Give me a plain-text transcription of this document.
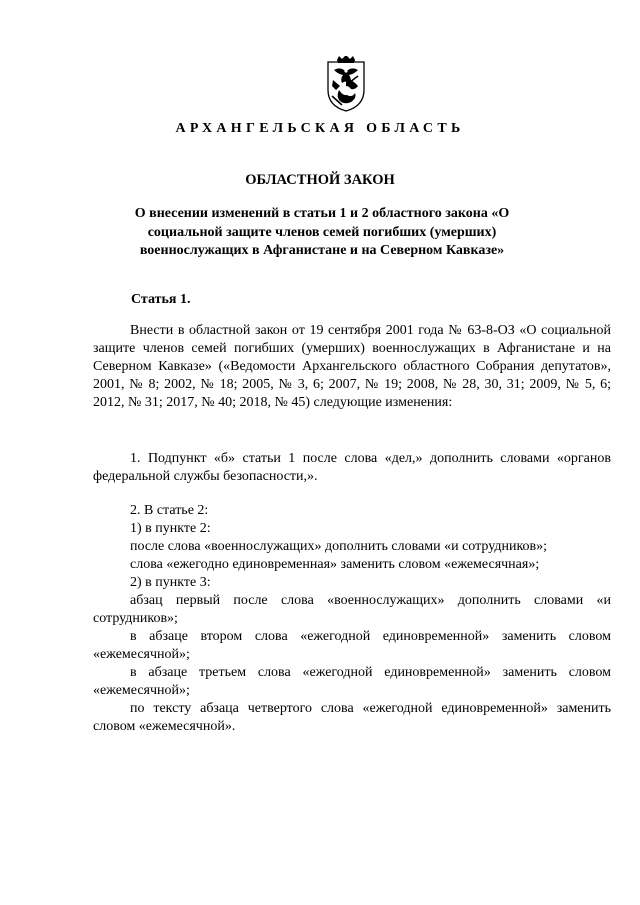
АРХАНГЕЛЬСКАЯ ОБЛАСТЬ
ОБЛАСТНОЙ ЗАКОН
О внесении изменений в статьи 1 и 2 областного закона «О социальной защите членов семей погибших (умерших) военнослужащих в Афганистане и на Северном Кавказе»
Статья 1.

Внести в областной закон от 19 сентября 2001 года № 63-8-ОЗ «О социальной защите членов семей погибших (умерших) военнослужащих в Афганистане и на Северном Кавказе» («Ведомости Архангельского областного Собрания депутатов», 2001, № 8; 2002, № 18; 2005, № 3, 6; 2007, № 19; 2008, № 28, 30, 31; 2009, № 5, 6; 2012, № 31; 2017, № 40; 2018, № 45) следующие изменения:

1. Подпункт «б» статьи 1 после слова «дел,» дополнить словами «органов федеральной службы безопасности,».

2. В статье 2:
1) в пункте 2:
после слова «военнослужащих» дополнить словами «и сотрудников»;
слова «ежегодно единовременная» заменить словом «ежемесячная»;
2) в пункте 3:

абзац первый после слова «военнослужащих» дополнить словами «и сотрудников»;

в абзаце втором слова «ежегодной единовременной» заменить словом «ежемесячной»;

в абзаце третьем слова «ежегодной единовременной» заменить словом «ежемесячной»;

по тексту абзаца четвертого слова «ежегодной единовременной» заменить словом «ежемесячной».
